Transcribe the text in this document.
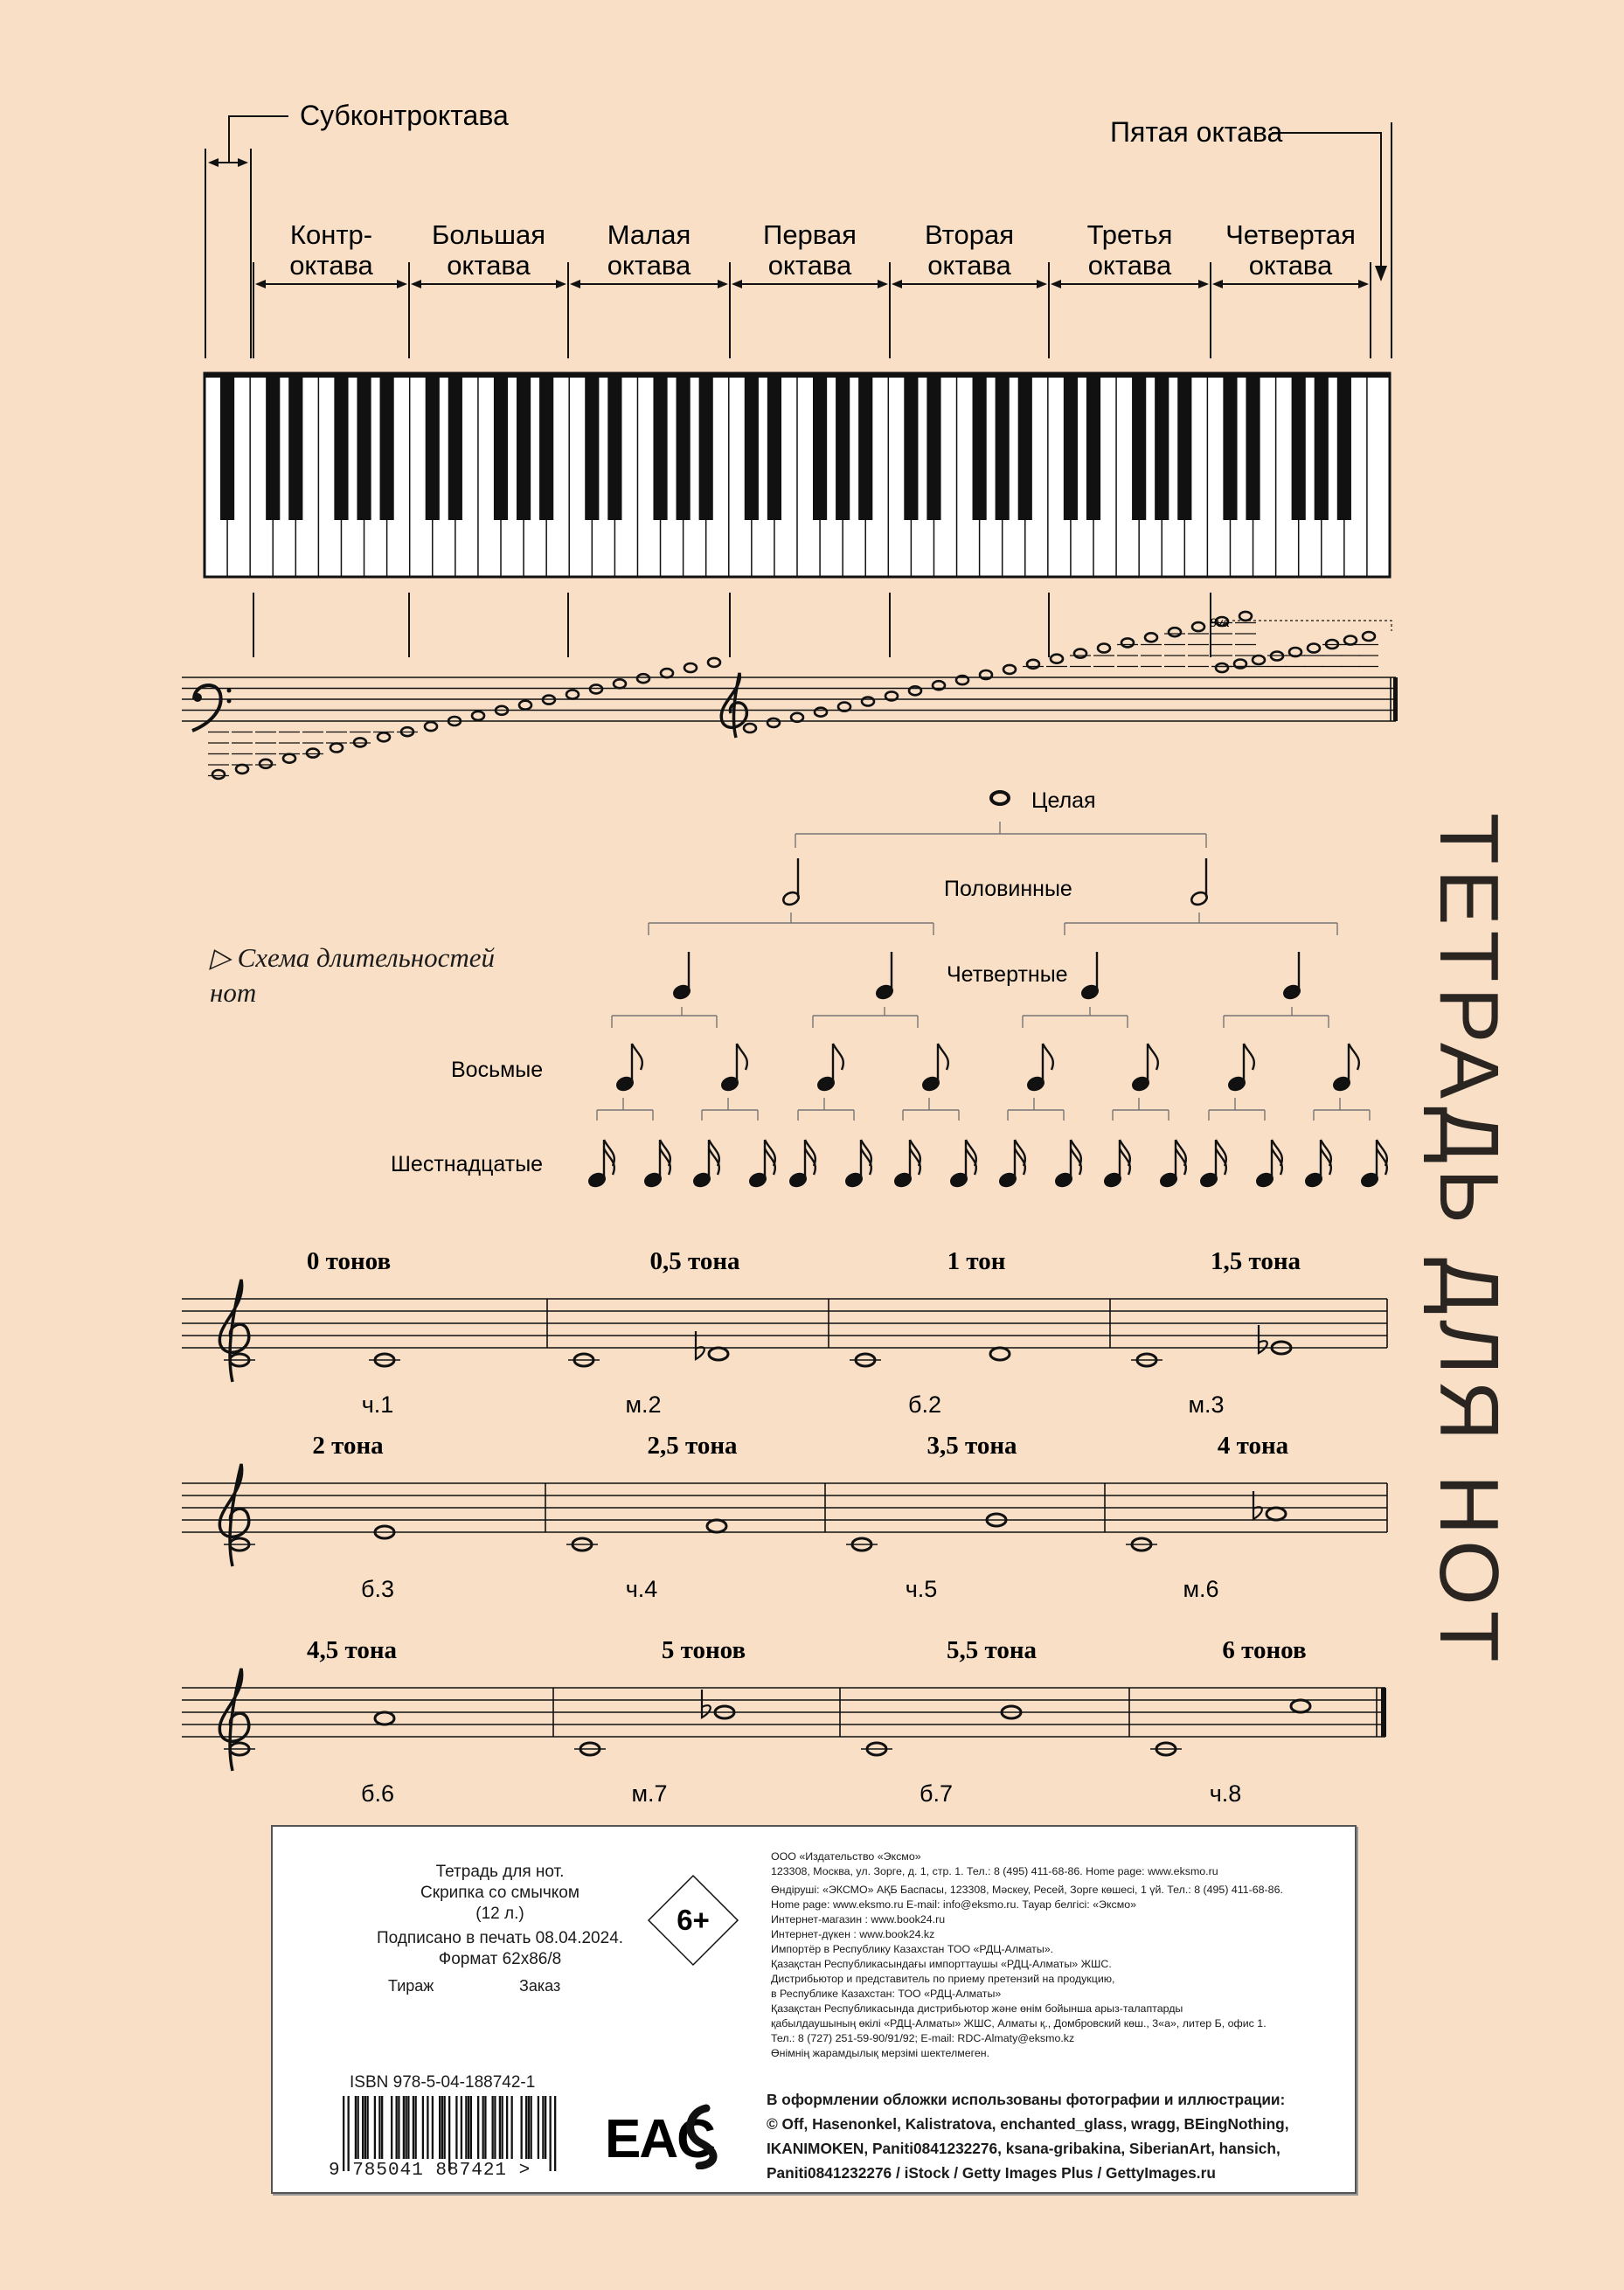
Субконтроктава
Пятая октава
Контр-
октава
Большая
октава
Малая
октава
Первая
октава
Вторая
октава
Третья
октава
Четвертая
октава
8va
Целая
Половинные
Четвертные
Восьмые
Шестнадцатые
▷ Схема длительностей
нот
0 тонов
ч.1
0,5 тона
м.2
1 тон
б.2
1,5 тона
м.3
2 тона
б.3
2,5 тона
ч.4
3,5 тона
ч.5
4 тона
м.6
4,5 тона
б.6
5 тонов
м.7
5,5 тона
б.7
6 тонов
ч.8
ТЕТРАДЬ ДЛЯ НОТ
Тетрадь для нот.
Скрипка со смычком
(12 л.)
Подписано в печать 08.04.2024.
Формат 62х86/8
Тираж	Заказ
6+
ООО «Издательство «Эксмо»
123308, Москва, ул. Зорге, д. 1, стр. 1. Тел.: 8 (495) 411-68-86. Home page: www.eksmo.ru
Өндіруші: «ЭКСМО» АҚБ Баспасы, 123308, Мәскеу, Ресей, Зорге көшесі, 1 үй. Тел.: 8 (495) 411-68-86.
Home page: www.eksmo.ru E-mail: info@eksmo.ru. Тауар белгісі: «Эксмо»
Интернет-магазин : www.book24.ru
Интернет-дүкен : www.book24.kz
Импортёр в Республику Казахстан ТОО «РДЦ-Алматы».
Қазақстан Республикасындағы импорттаушы «РДЦ-Алматы» ЖШС.
Дистрибьютор и представитель по приему претензий на продукцию,
в Республике Казахстан: ТОО «РДЦ-Алматы»
Қазақстан Республикасында дистрибьютор және өнім бойынша арыз-талаптарды
қабылдаушының өкілі «РДЦ-Алматы» ЖШС, Алматы қ., Домбровский көш., 3«а», литер Б, офис 1.
Тел.: 8 (727) 251-59-90/91/92; E-mail: RDC-Almaty@eksmo.kz
Өнімнің жарамдылық мерзімі шектелмеген.
ISBN 978-5-04-188742-1
9 785041 887421 >
EAC
В оформлении обложки использованы фотографии и иллюстрации:
© Off, Hasenonkel, Kalistratova, enchanted_glass, wragg, BEingNothing,
IKANIMOKEN, Paniti0841232276, ksana-gribakina, SiberianArt, hansich,
Paniti0841232276 / iStock / Getty Images Plus / GettyImages.ru
